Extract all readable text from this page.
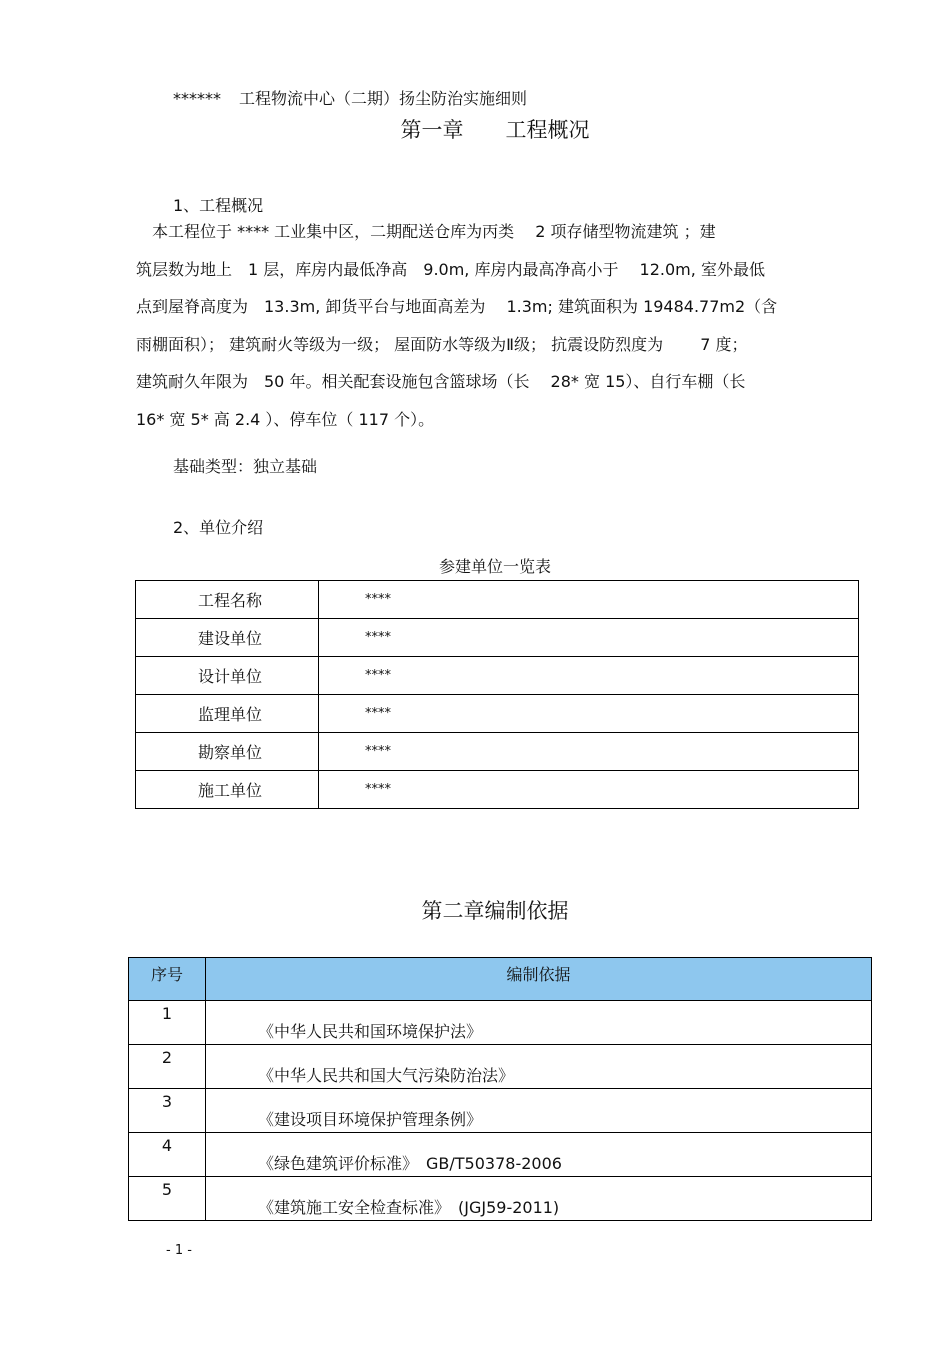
****** 工程物流中心（二期）扬尘防治实施细则
第一章　　工程概况
1、工程概况
　本工程位于 **** 工业集中区，二期配送仓库为丙类　 2 项存储型物流建筑 ；建
筑层数为地上　1 层，库房内最低净高　9.0m, 库房内最高净高小于　 12.0m, 室外最低
点到屋脊高度为　13.3m, 卸货平台与地面高差为　 1.3m; 建筑面积为 19484.77m2（含
雨棚面积）； 建筑耐火等级为一级； 屋面防水等级为Ⅱ级； 抗震设防烈度为　　 7 度；
建筑耐久年限为　50 年。相关配套设施包含篮球场（长　 28* 宽 15）、自行车棚（长
16* 宽 5* 高 2.4 ）、停车位（ 117 个）。
基础类型：独立基础
2、单位介绍
参建单位一览表
工程名称	****
建设单位	****
设计单位	****
监理单位	****
勘察单位	****
施工单位	****
第二章编制依据
序号	编制依据
1	《中华人民共和国环境保护法》
2	《中华人民共和国大气污染防治法》
3	《建设项目环境保护管理条例》
4	《绿色建筑评价标准》　GB/T50378-2006
5	《建筑施工安全检查标准》　(JGJ59-2011)
- 1 -
